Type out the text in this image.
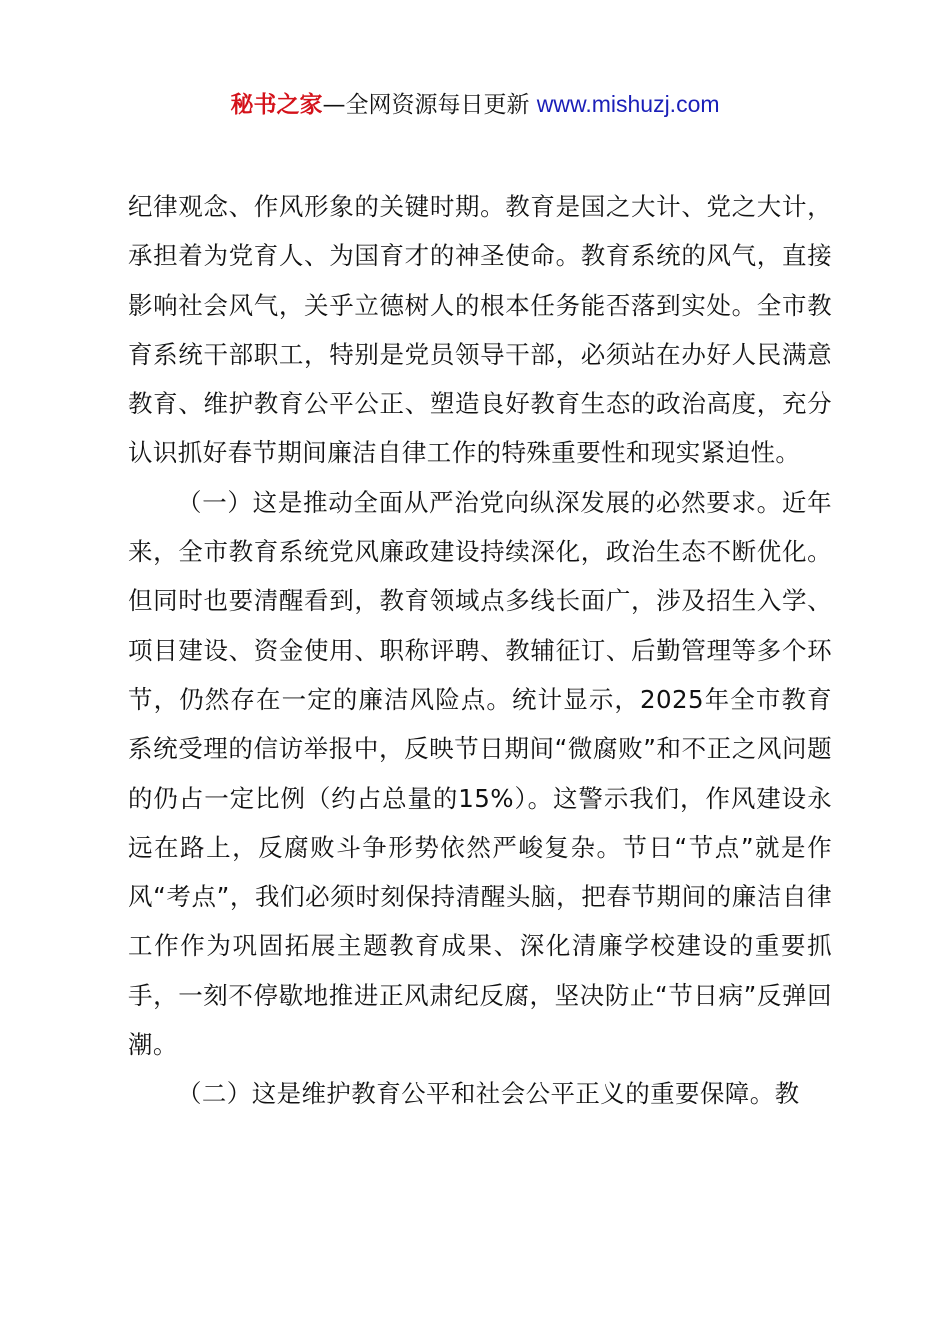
秘书之家—全网资源每日更新 www.mishuzj.com

纪律观念、作风形象的关键时期。教育是国之大计、党之大计，承担着为党育人、为国育才的神圣使命。教育系统的风气，直接影响社会风气，关乎立德树人的根本任务能否落到实处。全市教育系统干部职工，特别是党员领导干部，必须站在办好人民满意教育、维护教育公平公正、塑造良好教育生态的政治高度，充分认识抓好春节期间廉洁自律工作的特殊重要性和现实紧迫性。

（一）这是推动全面从严治党向纵深发展的必然要求。近年来，全市教育系统党风廉政建设持续深化，政治生态不断优化。但同时也要清醒看到，教育领域点多线长面广，涉及招生入学、项目建设、资金使用、职称评聘、教辅征订、后勤管理等多个环节，仍然存在一定的廉洁风险点。统计显示，2025年全市教育系统受理的信访举报中，反映节日期间“微腐败”和不正之风问题的仍占一定比例（约占总量的15%）。这警示我们，作风建设永远在路上，反腐败斗争形势依然严峻复杂。节日“节点”就是作风“考点”，我们必须时刻保持清醒头脑，把春节期间的廉洁自律工作作为巩固拓展主题教育成果、深化清廉学校建设的重要抓手，一刻不停歇地推进正风肃纪反腐，坚决防止“节日病”反弹回潮。

（二）这是维护教育公平和社会公平正义的重要保障。教
